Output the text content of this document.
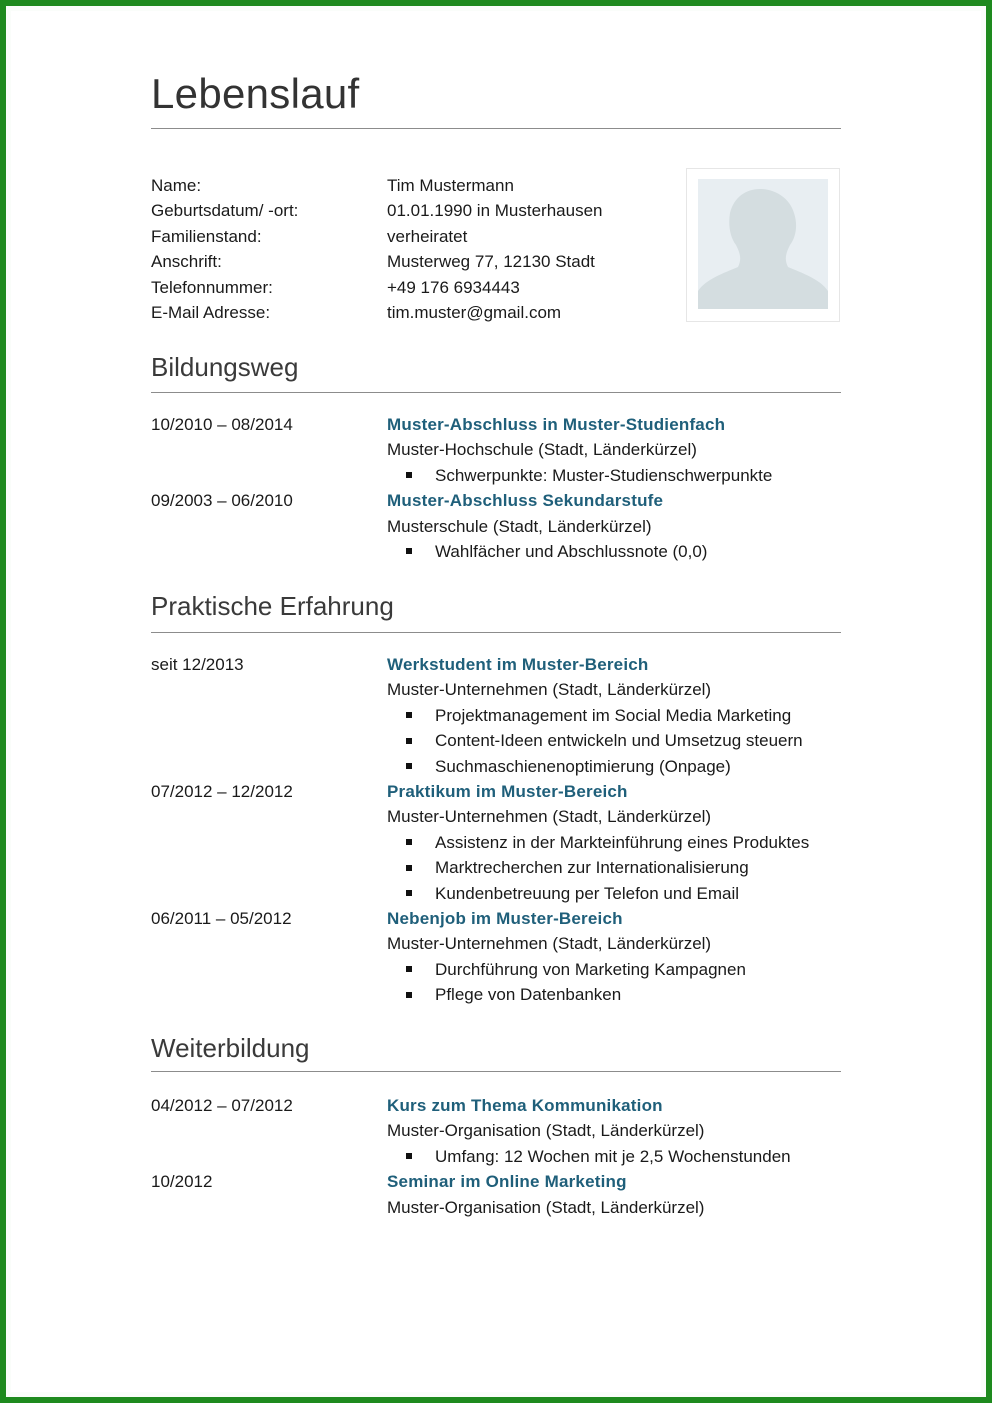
Lebenslauf
Name:	Tim Mustermann
Geburtsdatum/ -ort:	01.01.1990 in Musterhausen
Familienstand:	verheiratet
Anschrift:	Musterweg 77, 12130 Stadt
Telefonnummer:	+49 176 6934443
E-Mail Adresse:	tim.muster@gmail.com
Bildungsweg
10/2010 – 08/2014	Muster-Abschluss in Muster-Studienfach
Muster-Hochschule (Stadt, Länderkürzel)
Schwerpunkte: Muster-Studienschwerpunkte
09/2003 – 06/2010	Muster-Abschluss Sekundarstufe
Musterschule (Stadt, Länderkürzel)
Wahlfächer und Abschlussnote (0,0)
Praktische Erfahrung
seit 12/2013	Werkstudent im Muster-Bereich
Muster-Unternehmen (Stadt, Länderkürzel)
Projektmanagement im Social Media Marketing
Content-Ideen entwickeln und Umsetzug steuern
Suchmaschienenoptimierung (Onpage)
07/2012 – 12/2012	Praktikum im Muster-Bereich
Muster-Unternehmen (Stadt, Länderkürzel)
Assistenz in der Markteinführung eines Produktes
Marktrecherchen zur Internationalisierung
Kundenbetreuung per Telefon und Email
06/2011 – 05/2012	Nebenjob im Muster-Bereich
Muster-Unternehmen (Stadt, Länderkürzel)
Durchführung von Marketing Kampagnen
Pflege von Datenbanken
Weiterbildung
04/2012 – 07/2012	Kurs zum Thema Kommunikation
Muster-Organisation (Stadt, Länderkürzel)
Umfang: 12 Wochen mit je 2,5 Wochenstunden
10/2012	Seminar im Online Marketing
Muster-Organisation (Stadt, Länderkürzel)
